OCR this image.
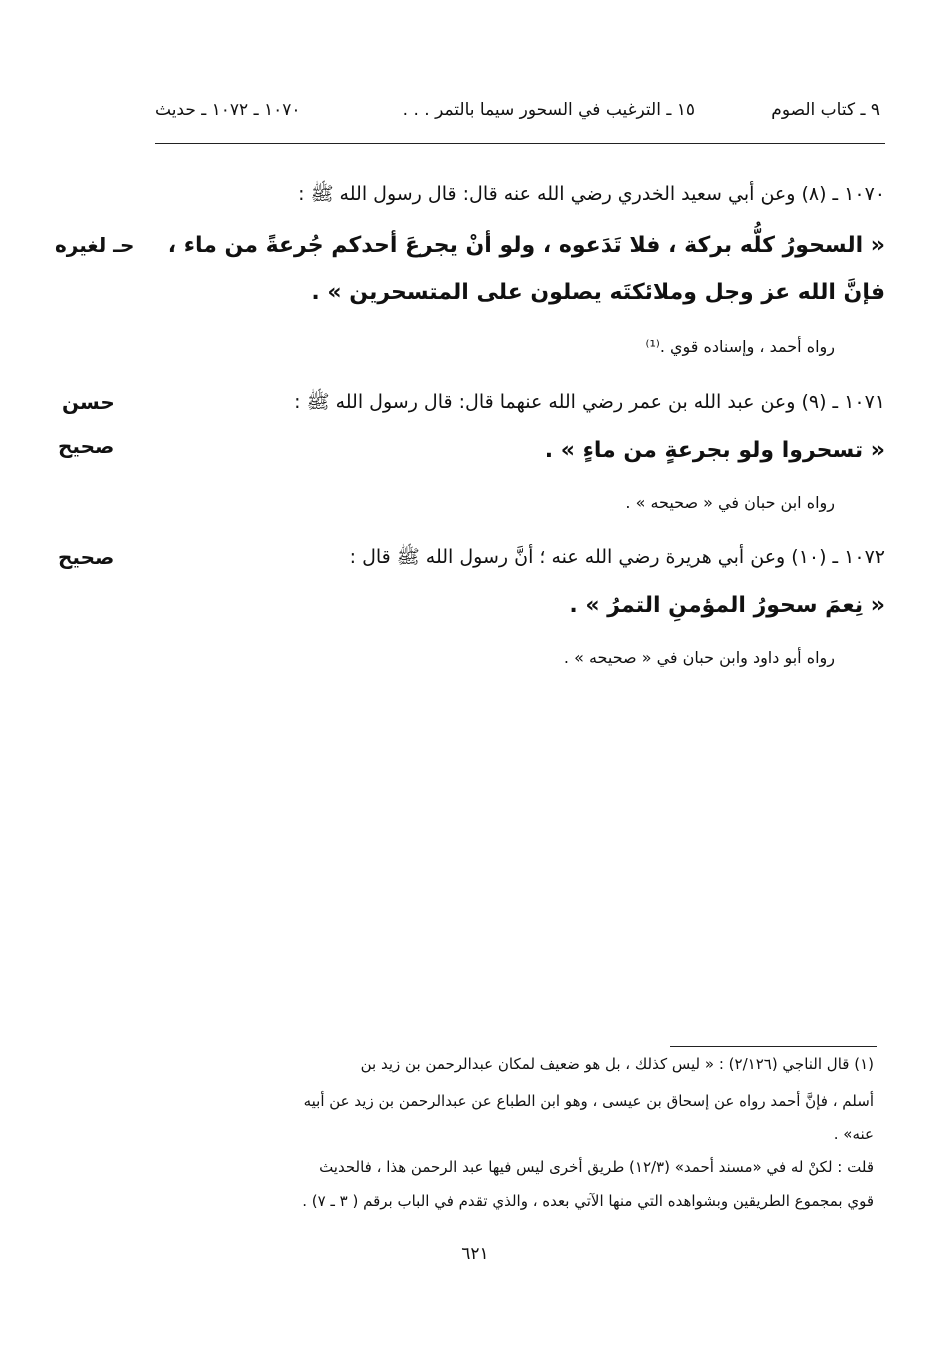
٩ ـ كتاب الصوم
١٥ ـ الترغيب في السحور سيما بالتمر . . .
١٠٧٠ ـ ١٠٧٢ ـ حديث
١٠٧٠ ـ (٨) وعن أبي سعيد الخدري رضي الله عنه قال: قال رسول الله ﷺ :
« السحورُ كلُّه بركة ، فلا تَدَعوه ، ولو أنْ يجرعَ أحدكم جُرعةً من ماء ،
فإنَّ الله عز وجل وملائكتَه يصلون على المتسحرين » .
رواه أحمد ، وإسناده قوي .⁽¹⁾
حـ لغيره
١٠٧١ ـ (٩) وعن عبد الله بن عمر رضي الله عنهما قال: قال رسول الله ﷺ :
« تسحروا ولو بجرعةٍ من ماءٍ » .
رواه ابن حبان في « صحيحه » .
حسن
صحيح
١٠٧٢ ـ (١٠) وعن أبي هريرة رضي الله عنه ؛ أنَّ رسول الله ﷺ قال :
« نِعمَ سحورُ المؤمنِ التمرُ » .
رواه أبو داود وابن حبان في « صحيحه » .
صحيح
(١) قال الناجي (٢/١٢٦) : « ليس كذلك ، بل هو ضعيف لمكان عبدالرحمن بن زيد بن
أسلم ، فإنَّ أحمد رواه عن إسحاق بن عيسى ، وهو ابن الطباع عن عبدالرحمن بن زيد عن أبيه
عنه» .
قلت : لكنْ له في «مسند أحمد» (١٢/٣) طريق أخرى ليس فيها عبد الرحمن هذا ، فالحديث
قوي بمجموع الطريقين وبشواهده التي منها الآتي بعده ، والذي تقدم في الباب برقم ( ٣ ـ ٧) .
٦٢١
